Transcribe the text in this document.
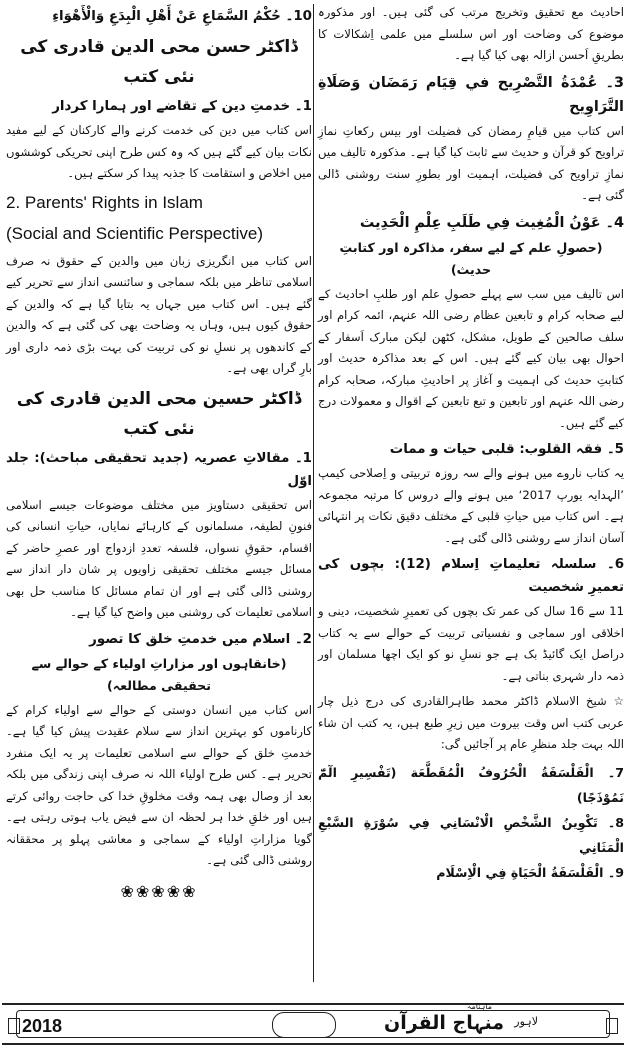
احادیث مع تحقیق وتخریج مرتب کی گئی ہیں۔ اور مذکورہ موضوع کی وضاحت اور اس سلسلے میں علمی اِشکالات کا بطریقِ اَحسن ازالہ بھی کیا گیا ہے۔

3۔ عُمْدَةُ التَّصْرِيح في قِيَام رَمَضَان وَصَلَاةِ التَّرَاوِيح

اس کتاب میں قیامِ رمضان کی فضیلت اور بیس رکعاتِ نمازِ تراویح کو قرآن و حدیث سے ثابت کیا گیا ہے۔ مذکورہ تالیف میں نمازِ تراویح کی فضیلت، اہمیت اور بطورِ سنت روشنی ڈالی گئی ہے۔

4۔ عَوْنُ الْمُغِيث فِي طَلَبِ عِلْمِ الْحَدِيث
(حصولِ علم کے لیے سفر، مذاکرہ اور کتابتِ حدیث)

اس تالیف میں سب سے پہلے حصولِ علم اور طلبِ احادیث کے لیے صحابہ کرام و تابعین عظام رضی اللہ عنہم، ائمہ کرام اور سلف صالحین کے طویل، مشکل، کٹھن لیکن مبارک اَسفار کے احوال بھی بیان کیے گئے ہیں۔ اس کے بعد مذاکرہ حدیث اور کتابتِ حدیث کی اہمیت و آغاز پر احادیثِ مبارکہ، صحابہ کرام رضی اللہ عنہم اور تابعین و تبع تابعین کے اقوال و معمولات درج کیے گئے ہیں۔

5۔ فقہ القلوب: قلبی حیات و ممات

یہ کتاب ناروے میں ہونے والے سہ روزہ تربیتی و اِصلاحی کیمپ ’الہدایہ یورپ 2017‘ میں ہونے والے دروس کا مرتبہ مجموعہ ہے۔ اس کتاب میں حیاتِ قلبی کے مختلف دقیق نکات پر انتہائی آسان انداز سے روشنی ڈالی گئی ہے۔

6۔ سلسلہ تعلیماتِ اِسلام (12): بچوں کی تعمیرِ شخصیت

11 سے 16 سال کی عمر تک بچوں کی تعمیرِ شخصیت، دینی و اخلاقی اور سماجی و نفسیاتی تربیت کے حوالے سے یہ کتاب دراصل ایک گائیڈ بک ہے جو نسلِ نو کو ایک اچھا مسلمان اور ذمہ دار شہری بناتی ہے۔

☆ شیخ الاسلام ڈاکٹر محمد طاہرالقادری کی درج ذیل چار عربی کتب اس وقت بیروت میں زیرِ طبع ہیں، یہ کتب ان شاء اللہ بہت جلد منظرِ عام پر آجائیں گی:

7۔ الْفَلْسَفَةُ الْحُرُوفُ الْمُقَطَّعَة (تَفْسِيرِ الٓمّٓ نَمُوْذَجًا)
8۔ تَكْوِينُ الشَّخْصِ الْانْسَانِي فِي سُوْرَةِ السَّبْعِ الْمَثَانِي
9۔ الْفَلْسَفَةُ الْحَيَاةِ فِي الْاِسْلَام
10۔ حُكْمُ السَّمَاعِ عَنْ أَهْلِ الْبِدَعِ وَالْأَهْوَاءِ
ڈاکٹر حسن محی الدین قادری کی نئی کتب
1۔ خدمتِ دین کے تقاضے اور ہمارا کردار

اس کتاب میں دین کی خدمت کرنے والے کارکنان کے لیے مفید نکات بیان کیے گئے ہیں کہ وہ کس طرح اپنی تحریکی کوششوں میں اخلاص و استقامت کا جذبہ پیدا کر سکتے ہیں۔

2. Parents' Rights in Islam
(Social and Scientific Perspective)

اس کتاب میں انگریزی زبان میں والدین کے حقوق نہ صرف اسلامی تناظر میں بلکہ سماجی و سائنسی انداز سے تحریر کیے گئے ہیں۔ اس کتاب میں جہاں یہ بتایا گیا ہے کہ والدین کے حقوق کیوں ہیں، وہاں یہ وضاحت بھی کی گئی ہے کہ والدین کے کاندھوں پر نسلِ نو کی تربیت کی بہت بڑی ذمہ داری اور بارِ گراں بھی ہے۔

ڈاکٹر حسین محی الدین قادری کی نئی کتب
1۔ مقالاتِ عصریہ (جدید تحقیقی مباحث): جلد اوّل

اس تحقیقی دستاویز میں مختلف موضوعات جیسے اسلامی فنونِ لطیفہ، مسلمانوں کے کارہائے نمایاں، حیاتِ انسانی کی اقسام، حقوقِ نسواں، فلسفہ تعددِ ازدواج اور عصرِ حاضر کے مسائل جیسے مختلف تحقیقی زاویوں پر شان دار انداز سے روشنی ڈالی گئی ہے اور ان تمام مسائل کا مناسب حل بھی اسلامی تعلیمات کی روشنی میں واضح کیا گیا ہے۔

2۔ اسلام میں خدمتِ خلق کا تصور
(خانقاہوں اور مزاراتِ اولیاء کے حوالے سے تحقیقی مطالعہ)

اس کتاب میں انسان دوستی کے حوالے سے اولیاء کرام کے کارناموں کو بہترین انداز سے سلام عقیدت پیش کیا گیا ہے۔ خدمتِ خلق کے حوالے سے اسلامی تعلیمات پر یہ ایک منفرد تحریر ہے۔ کس طرح اولیاء اللہ نہ صرف اپنی زندگی میں بلکہ بعد از وصال بھی ہمہ وقت مخلوقِ خدا کی حاجت روائی کرتے ہیں اور خلقِ خدا ہر لحظہ ان سے فیض یاب ہوتی رہتی ہے۔ گویا مزاراتِ اولیاء کے سماجی و معاشی پہلو پر محققانہ روشنی ڈالی گئی ہے۔

❀❀❀❀❀
2018
ماہنامہ
منہاج القرآن لاہور
